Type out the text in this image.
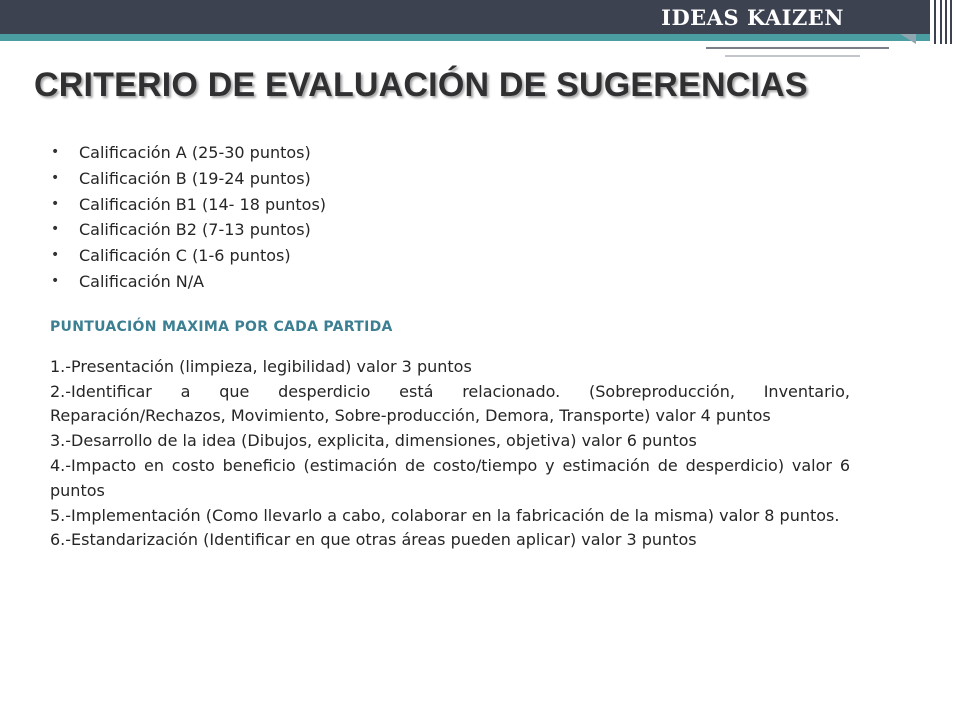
IDEAS KAIZEN
CRITERIO DE EVALUACIÓN DE SUGERENCIAS
• Calificación A (25-30 puntos)
• Calificación B (19-24 puntos)
• Calificación B1 (14- 18 puntos)
• Calificación B2 (7-13 puntos)
• Calificación C (1-6 puntos)
• Calificación N/A
PUNTUACIÓN MAXIMA POR CADA PARTIDA
1.-Presentación (limpieza, legibilidad) valor 3 puntos
2.-Identificar a que desperdicio está relacionado. (Sobreproducción, Inventario, Reparación/Rechazos, Movimiento, Sobre-producción, Demora, Transporte) valor 4 puntos
3.-Desarrollo de la idea (Dibujos, explicita, dimensiones, objetiva) valor 6 puntos
4.-Impacto en costo beneficio (estimación de costo/tiempo y estimación de desperdicio) valor 6 puntos
5.-Implementación (Como llevarlo a cabo, colaborar en la fabricación de la misma) valor 8 puntos.
6.-Estandarización (Identificar en que otras áreas pueden aplicar) valor 3 puntos
